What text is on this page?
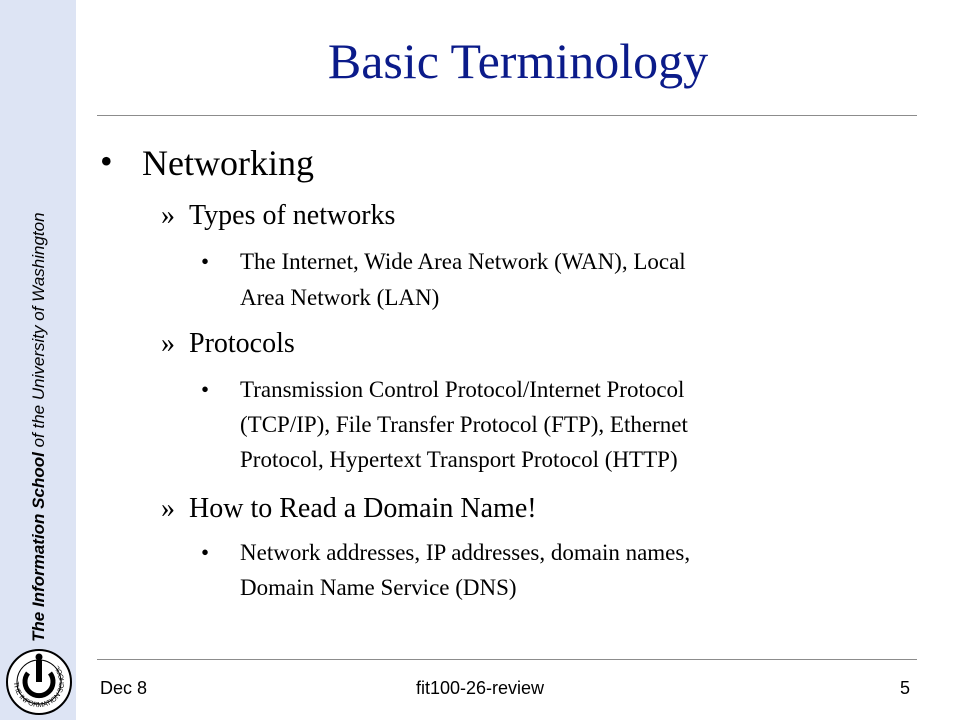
The Information School

of

the University of Washington
THE INFORMATION SCHOOL
Basic Terminology
• Networking
» Types of networks
• The Internet, Wide Area Network (WAN), Local
Area Network (LAN)
» Protocols
• Transmission Control Protocol/Internet Protocol
(TCP/IP), File Transfer Protocol (FTP), Ethernet
Protocol, Hypertext Transport Protocol (HTTP)
» How to Read a Domain Name!
• Network addresses, IP addresses, domain names,
Domain Name Service (DNS)
Dec 8	fit100-26-review	5
